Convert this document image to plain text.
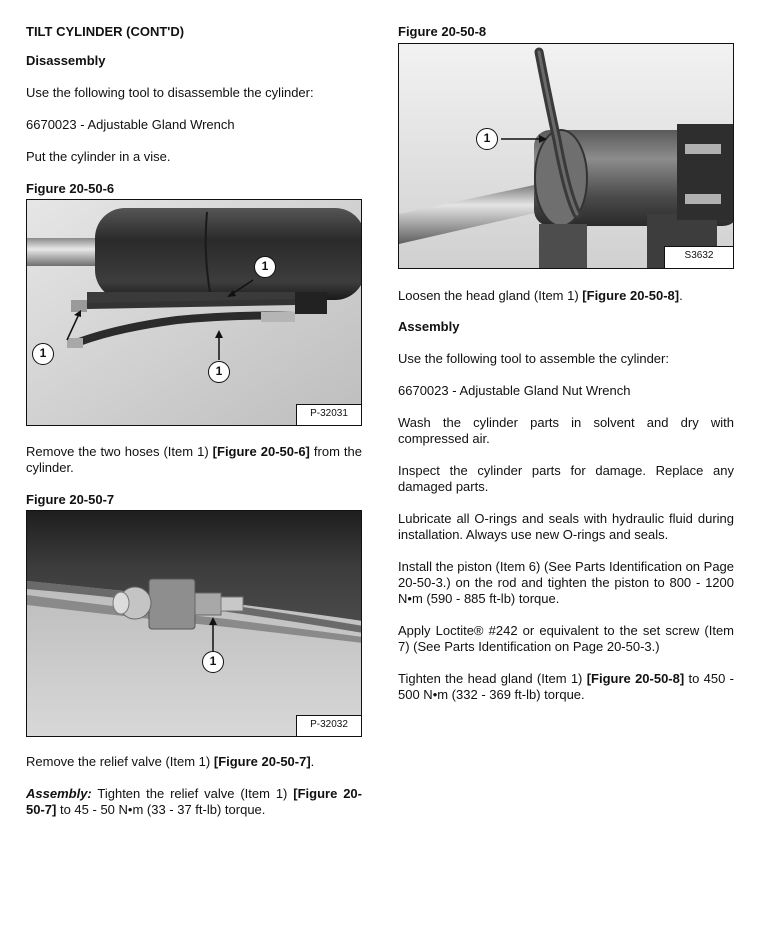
TILT CYLINDER (CONT'D)

Disassembly

Use the following tool to disassemble the cylinder:

6670023 - Adjustable Gland Wrench

Put the cylinder in a vise.

Figure 20-50-6

1
1
1
P-32031

Remove the two hoses (Item 1) [Figure 20-50-6] from the cylinder.

Figure 20-50-7

1
P-32032

Remove the relief valve (Item 1) [Figure 20-50-7].

Assembly: Tighten the relief valve (Item 1) [Figure 20-50-7] to 45 - 50 N•m (33 - 37 ft-lb) torque.

Figure 20-50-8

1
S3632

Loosen the head gland (Item 1) [Figure 20-50-8].

Assembly

Use the following tool to assemble the cylinder:

6670023 - Adjustable Gland Nut Wrench

Wash the cylinder parts in solvent and dry with compressed air.

Inspect the cylinder parts for damage. Replace any damaged parts.

Lubricate all O-rings and seals with hydraulic fluid during installation. Always use new O-rings and seals.

Install the piston (Item 6) (See Parts Identification on Page 20-50-3.) on the rod and tighten the piston to 800 - 1200 N•m (590 - 885 ft-lb) torque.

Apply Loctite® #242 or equivalent to the set screw (Item 7) (See Parts Identification on Page 20-50-3.)

Tighten the head gland (Item 1) [Figure 20-50-8] to 450 - 500 N•m (332 - 369 ft-lb) torque.
